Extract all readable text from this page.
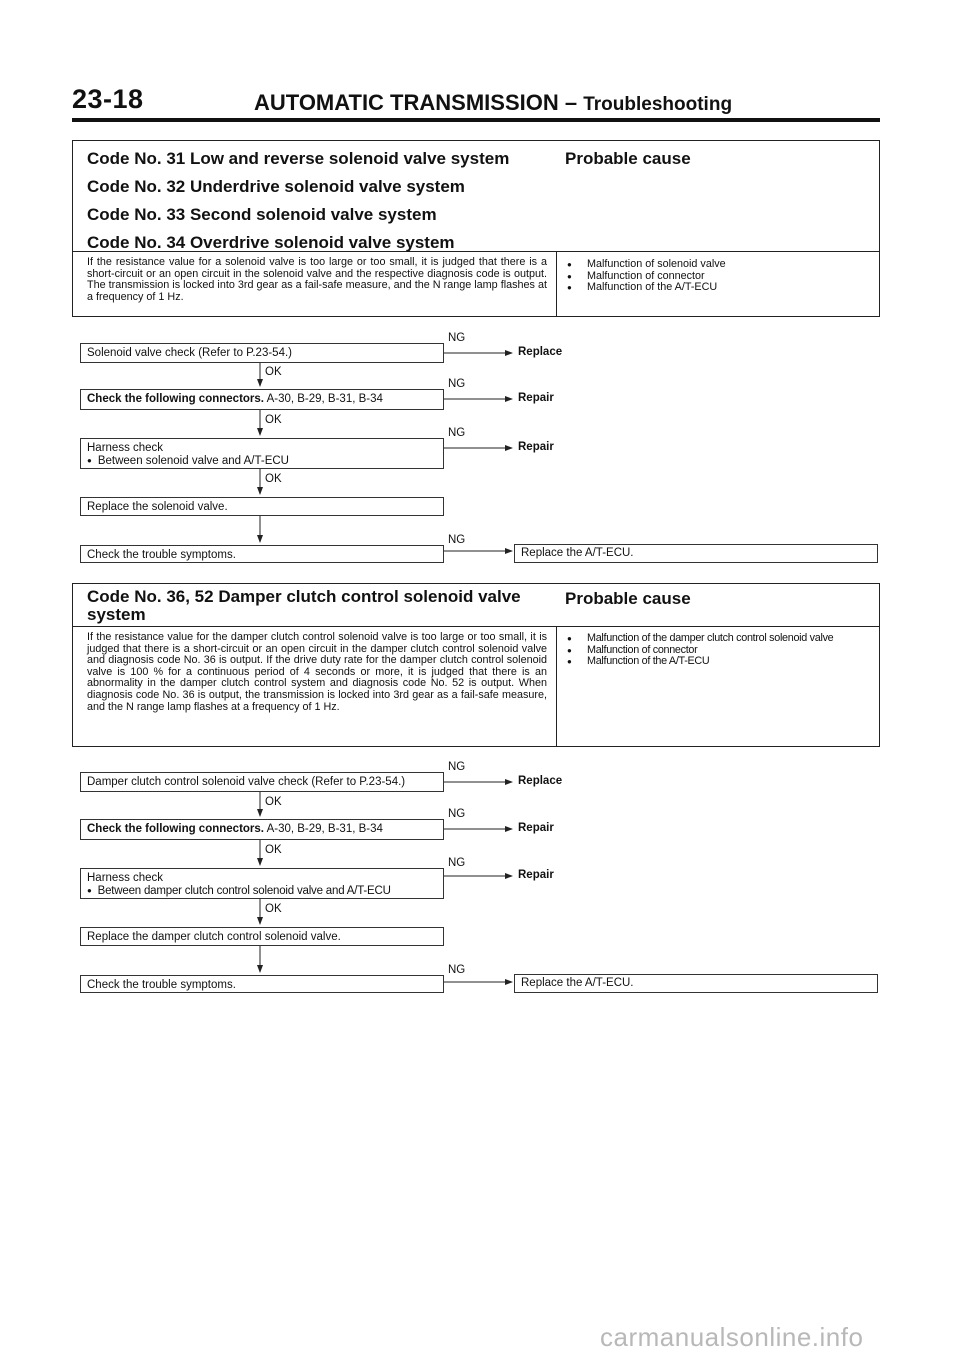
23-18	AUTOMATIC TRANSMISSION – Troubleshooting
Code No. 31 Low and reverse solenoid valve system
Code No. 32 Underdrive solenoid valve system
Code No. 33 Second solenoid valve system
Code No. 34 Overdrive solenoid valve system
Probable cause
If the resistance value for a solenoid valve is too large or too small, it is judged that there is a short-circuit or an open circuit in the solenoid valve and the respective diagnosis code is output. The transmission is locked into 3rd gear as a fail-safe measure, and the N range lamp flashes at a frequency of 1 Hz.
● Malfunction of solenoid valve
● Malfunction of connector
● Malfunction of the A/T-ECU
Solenoid valve check (Refer to P.23-54.)
NG
Replace
OK
Check the following connectors. A-30, B-29, B-31, B-34
NG
Repair
OK
Harness check
● Between solenoid valve and A/T-ECU
NG
Repair
OK
Replace the solenoid valve.
Check the trouble symptoms.
NG
Replace the A/T-ECU.
Code No. 36, 52 Damper clutch control solenoid valve
system
Probable cause
If the resistance value for the damper clutch control solenoid valve is too large or too small, it is judged that there is a short-circuit or an open circuit in the damper clutch control solenoid valve and diagnosis code No. 36 is output. If the drive duty rate for the damper clutch control solenoid valve is 100 % for a continuous period of 4 seconds or more, it is judged that there is an abnormality in the damper clutch control system and diagnosis code No. 52 is output. When diagnosis code No. 36 is output, the transmission is locked into 3rd gear as a fail-safe measure, and the N range lamp flashes at a frequency of 1 Hz.
● Malfunction of the damper clutch control solenoid valve
● Malfunction of connector
● Malfunction of the A/T-ECU
Damper clutch control solenoid valve check (Refer to P.23-54.)
NG
Replace
OK
Check the following connectors. A-30, B-29, B-31, B-34
NG
Repair
OK
Harness check
● Between damper clutch control solenoid valve and A/T-ECU
NG
Repair
OK
Replace the damper clutch control solenoid valve.
Check the trouble symptoms.
NG
Replace the A/T-ECU.
carmanualsonline.info
